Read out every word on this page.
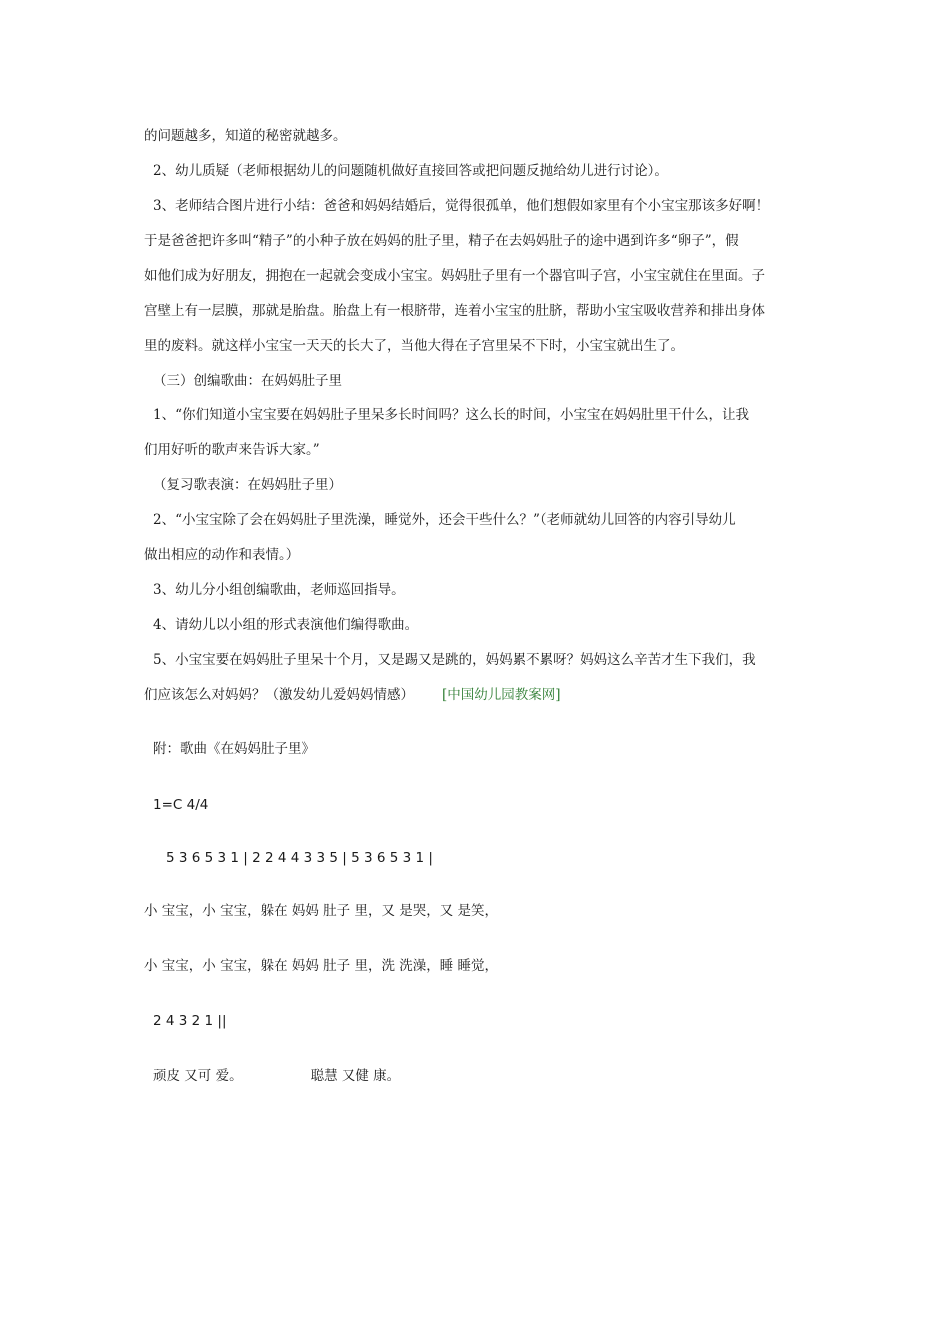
的问题越多，知道的秘密就越多。
2、幼儿质疑（老师根据幼儿的问题随机做好直接回答或把问题反抛给幼儿进行讨论）。
3、老师结合图片进行小结：爸爸和妈妈结婚后，觉得很孤单，他们想假如家里有个小宝宝那该多好啊！
于是爸爸把许多叫“精子”的小种子放在妈妈的肚子里，精子在去妈妈肚子的途中遇到许多“卵子”，假
如他们成为好朋友，拥抱在一起就会变成小宝宝。妈妈肚子里有一个器官叫子宫，小宝宝就住在里面。子
宫壁上有一层膜，那就是胎盘。胎盘上有一根脐带，连着小宝宝的肚脐，帮助小宝宝吸收营养和排出身体
里的废料。就这样小宝宝一天天的长大了，当他大得在子宫里呆不下时，小宝宝就出生了。
（三）创编歌曲：在妈妈肚子里
1、“你们知道小宝宝要在妈妈肚子里呆多长时间吗？这么长的时间，小宝宝在妈妈肚里干什么，让我
们用好听的歌声来告诉大家。”
（复习歌表演：在妈妈肚子里）
2、“小宝宝除了会在妈妈肚子里洗澡，睡觉外，还会干些什么？”（老师就幼儿回答的内容引导幼儿
做出相应的动作和表情。）
3、幼儿分小组创编歌曲，老师巡回指导。
4、请幼儿以小组的形式表演他们编得歌曲。
5、小宝宝要在妈妈肚子里呆十个月，又是踢又是跳的，妈妈累不累呀？妈妈这么辛苦才生下我们，我
们应该怎么对妈妈？（激发幼儿爱妈妈情感） [中国幼儿园教案网]
附：歌曲《在妈妈肚子里》
1=C 4/4
5 3 6 5 3 1 | 2 2 4 4 3 3 5 | 5 3 6 5 3 1 |
小 宝宝，小 宝宝，躲在 妈妈 肚子 里，又 是哭，又 是笑，
小 宝宝，小 宝宝，躲在 妈妈 肚子 里，洗 洗澡，睡 睡觉，
2 4 3 2 1 ||
顽皮 又可 爱。	聪慧 又健 康。
